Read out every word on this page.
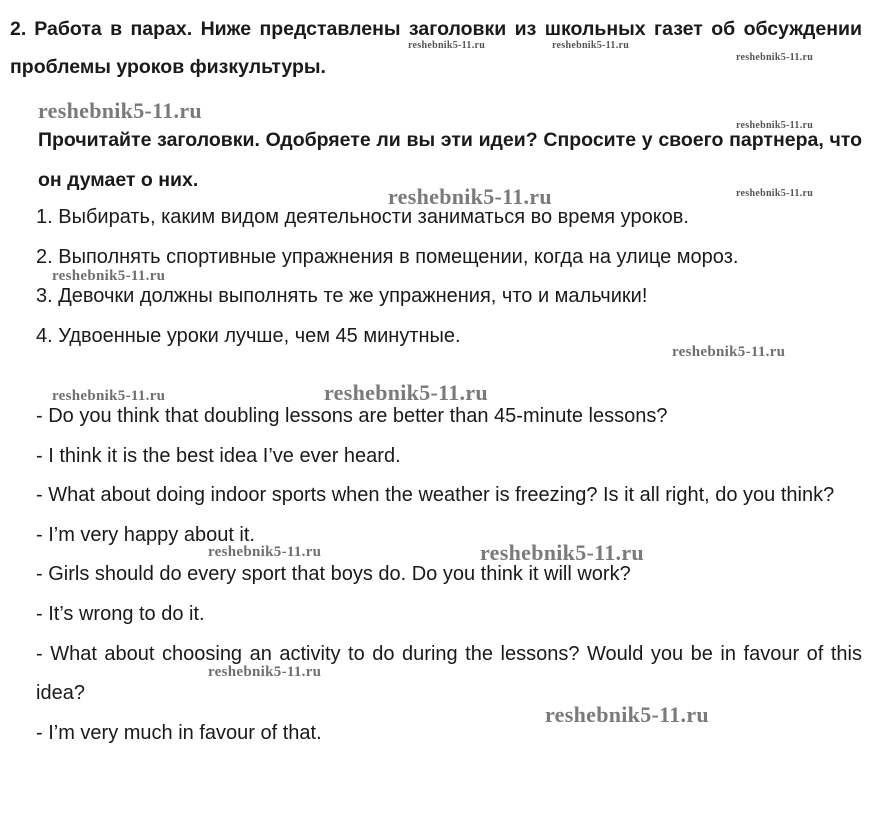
2. Работа в парах. Ниже представлены заголовки из школьных газет об обсуждении проблемы уроков физкультуры.
Прочитайте заголовки. Одобряете ли вы эти идеи? Спросите у своего партнера, что он думает о них.
1. Выбирать, каким видом деятельности заниматься во время уроков.
2. Выполнять спортивные упражнения в помещении, когда на улице мороз.
3. Девочки должны выполнять те же упражнения, что и мальчики!
4. Удвоенные уроки лучше, чем 45 минутные.
- Do you think that doubling lessons are better than 45-minute lessons?
- I think it is the best idea I’ve ever heard.
- What about doing indoor sports when the weather is freezing? Is it all right, do you think?
- I’m very happy about it.
- Girls should do every sport that boys do. Do you think it will work?
- It’s wrong to do it.
- What about choosing an activity to do during the lessons? Would you be in favour of this idea?
- I’m very much in favour of that.
reshebnik5-11.ru	reshebnik5-11.ru
reshebnik5-11.ru
reshebnik5-11.ru
reshebnik5-11.ru
reshebnik5-11.ru	reshebnik5-11.ru
reshebnik5-11.ru
reshebnik5-11.ru
reshebnik5-11.ru	reshebnik5-11.ru
reshebnik5-11.ru	reshebnik5-11.ru
reshebnik5-11.ru
reshebnik5-11.ru
